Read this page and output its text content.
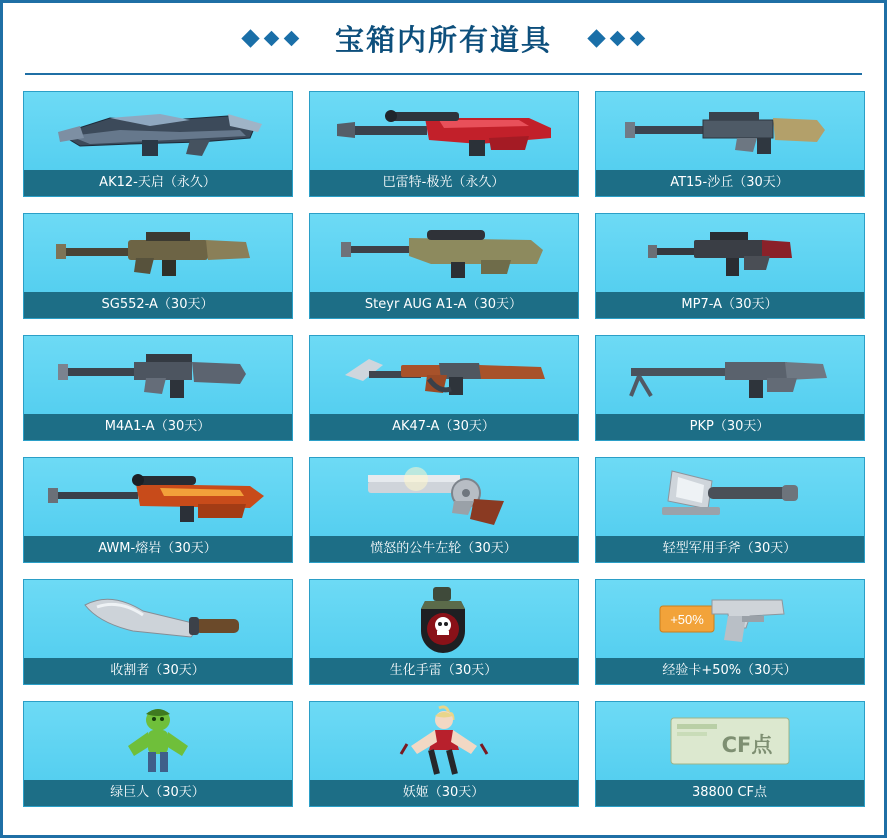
宝箱内所有道具
AK12-天启（永久）	巴雷特-极光（永久）	AT15-沙丘（30天）
SG552-A（30天）	Steyr AUG A1-A（30天）	MP7-A（30天）
M4A1-A（30天）	AK47-A（30天）	PKP（30天）
AWM-熔岩（30天）	愤怒的公牛左轮（30天）	轻型军用手斧（30天）
收割者（30天）	生化手雷（30天）
+50%
经验卡+50%（30天）
绿巨人（30天）	妖姬（30天）
CF点
38800 CF点
